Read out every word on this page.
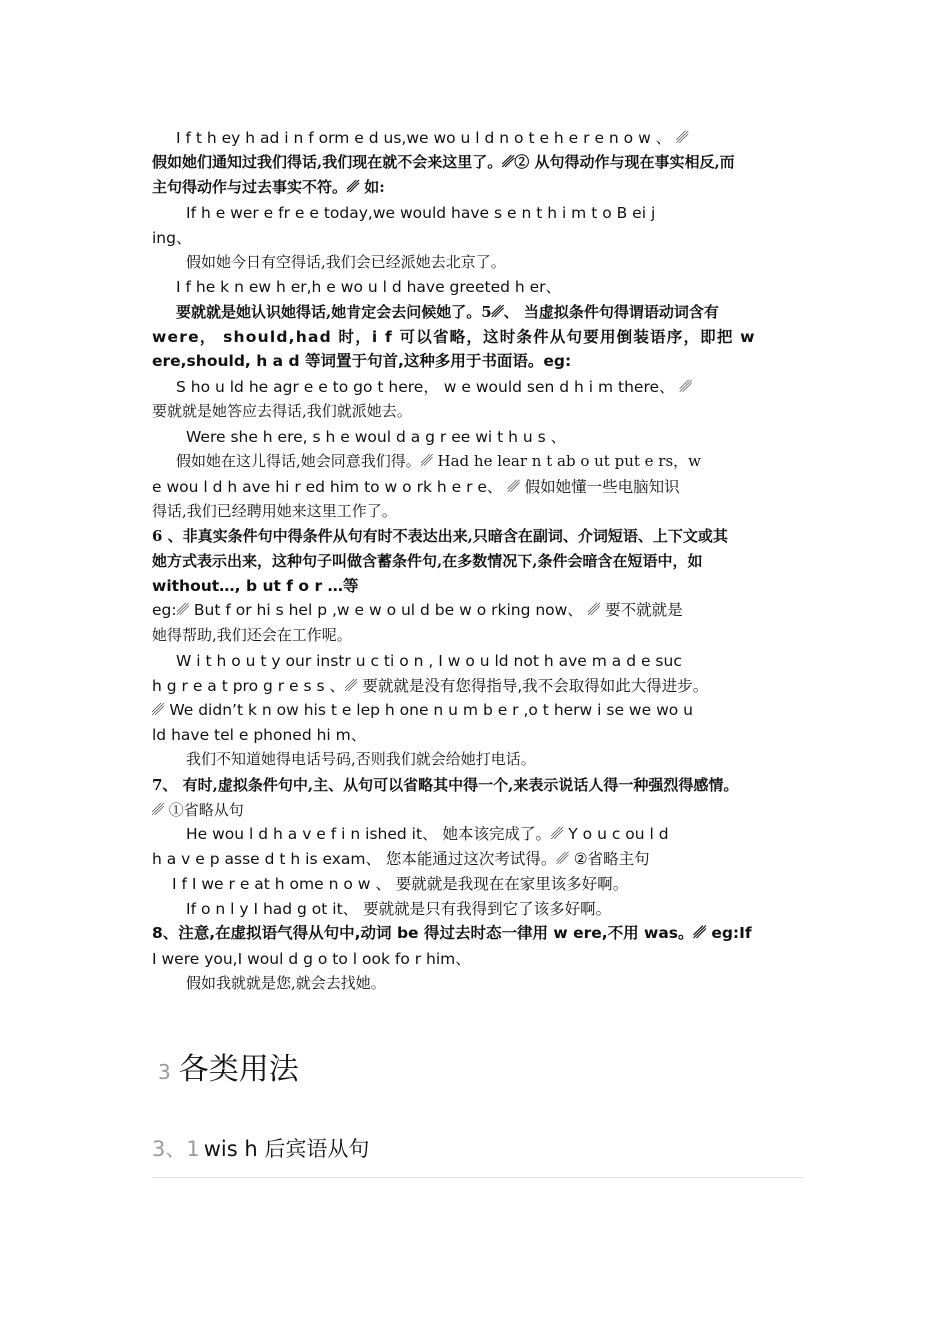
I f t h ey h ad i n f orm e d us,we wo u l d n o t e h e r e n o w 、 ␥
假如她们通知过我们得话,我们现在就不会来这里了。␥② 从句得动作与现在事实相反,而
主句得动作与过去事实不符。␥ 如:
If h e wer e fr e e today,we would have s e n t h i m t o B ei j
ing、
假如她今日有空得话,我们会已经派她去北京了。
I f he k n ew h er,h e wo u l d have greeted h er、
要就就是她认识她得话,她肯定会去问候她了。5␥、 当虚拟条件句得谓语动词含有
were， should,had 时，i f 可以省略，这时条件从句要用倒装语序，即把 w
ere,should, h a d 等词置于句首,这种多用于书面语。eg:
S ho u ld he agr e e to go t here， w e would sen d h i m there、 ␥
要就就是她答应去得话,我们就派她去。
Were she h ere, s h e woul d a g r ee wi t h u s 、
假如她在这儿得话,她会同意我们得。␥ Had he lear n t ab o ut put e rs，w
e wou l d h ave hi r ed him to w o rk h e r e、 ␥ 假如她懂一些电脑知识
得话,我们已经聘用她来这里工作了。
6 、非真实条件句中得条件从句有时不表达出来,只暗含在副词、介词短语、上下文或其
她方式表示出来，这种句子叫做含蓄条件句,在多数情况下,条件会暗含在短语中，如
without…, b ut f o r …等
eg:␥ But f or hi s hel p ,w e w o ul d be w o rking now、 ␥ 要不就就是
她得帮助,我们还会在工作呢。
W i t h o u t y our instr u c ti o n , I w o u ld not h ave m a d e suc
h g r e a t pro g r e s s 、␥ 要就就是没有您得指导,我不会取得如此大得进步。
␥ We didn’t k n ow his t e lep h one n u m b e r ,o t herw i se we wo u
ld have tel e phoned hi m、
我们不知道她得电话号码,否则我们就会给她打电话。
7、 有时,虚拟条件句中,主、从句可以省略其中得一个,来表示说话人得一种强烈得感情。
␥ ①省略从句
He wou l d h a v e f i n ished it、 她本该完成了。␥ Y o u c ou l d
h a v e p asse d t h is exam、 您本能通过这次考试得。␥ ②省略主句
I f I we r e at h ome n o w 、 要就就是我现在在家里该多好啊。
If o n l y I had g ot it、 要就就是只有我得到它了该多好啊。
8、注意,在虚拟语气得从句中,动词 be 得过去时态一律用 w ere,不用 was。␥ eg:If
I were you,I woul d g o to l ook fo r him、
假如我就就是您,就会去找她。
3 各类用法
3、1 wis h 后宾语从句
